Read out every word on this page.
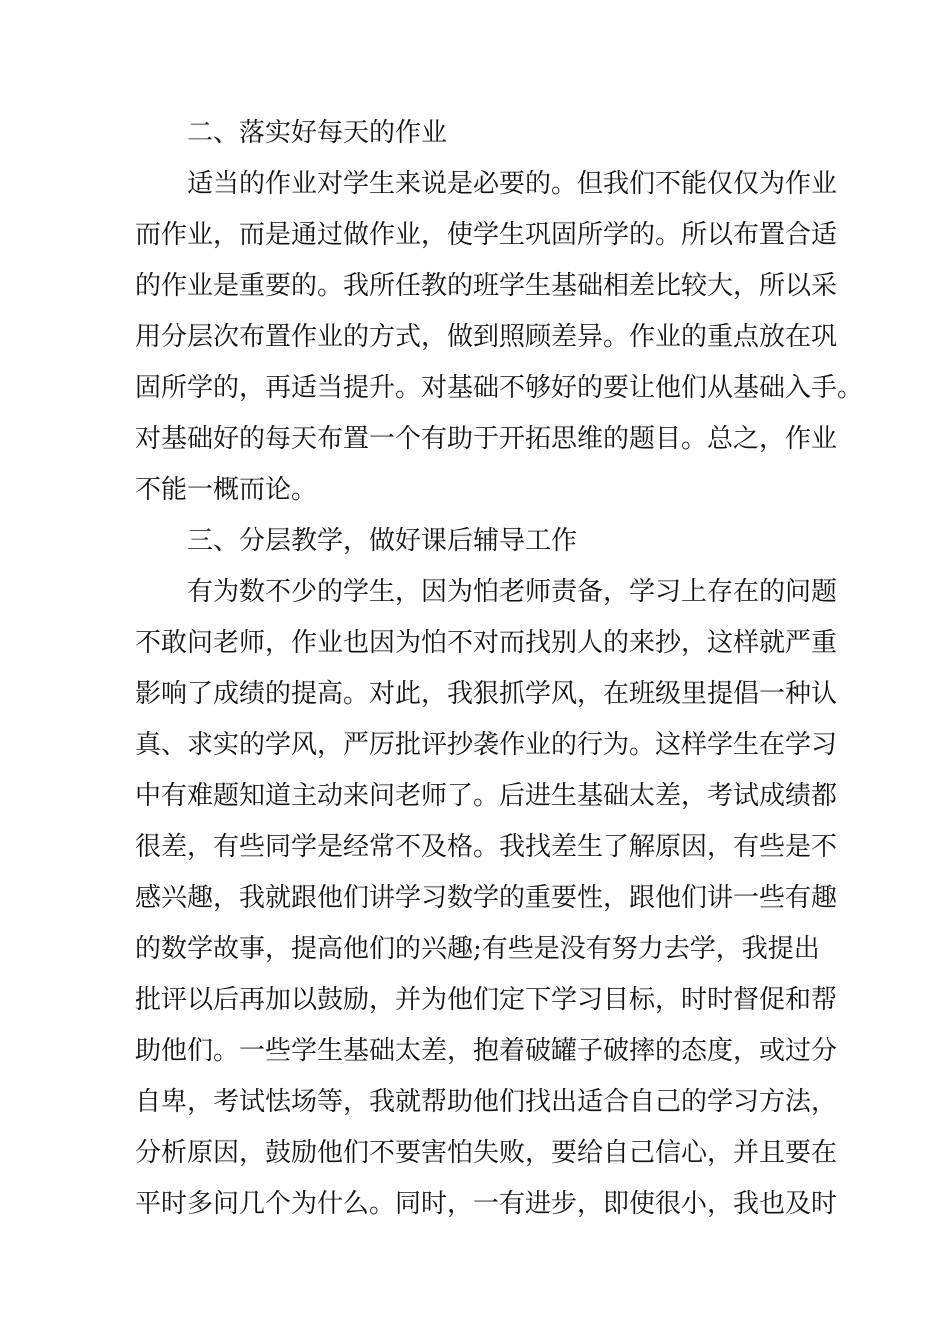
二、落实好每天的作业
适当的作业对学生来说是必要的。但我们不能仅仅为作业
而作业，而是通过做作业，使学生巩固所学的。所以布置合适
的作业是重要的。我所任教的班学生基础相差比较大，所以采
用分层次布置作业的方式，做到照顾差异。作业的重点放在巩
固所学的，再适当提升。对基础不够好的要让他们从基础入手。
对基础好的每天布置一个有助于开拓思维的题目。总之，作业
不能一概而论。
三、分层教学，做好课后辅导工作
有为数不少的学生，因为怕老师责备，学习上存在的问题
不敢问老师，作业也因为怕不对而找别人的来抄，这样就严重
影响了成绩的提高。对此，我狠抓学风，在班级里提倡一种认
真、求实的学风，严厉批评抄袭作业的行为。这样学生在学习
中有难题知道主动来问老师了。后进生基础太差，考试成绩都
很差，有些同学是经常不及格。我找差生了解原因，有些是不
感兴趣，我就跟他们讲学习数学的重要性，跟他们讲一些有趣
的数学故事，提高他们的兴趣;有些是没有努力去学，我提出
批评以后再加以鼓励，并为他们定下学习目标，时时督促和帮
助他们。一些学生基础太差，抱着破罐子破摔的态度，或过分
自卑，考试怯场等，我就帮助他们找出适合自己的学习方法，
分析原因，鼓励他们不要害怕失败，要给自己信心，并且要在
平时多问几个为什么。同时，一有进步，即使很小，我也及时
